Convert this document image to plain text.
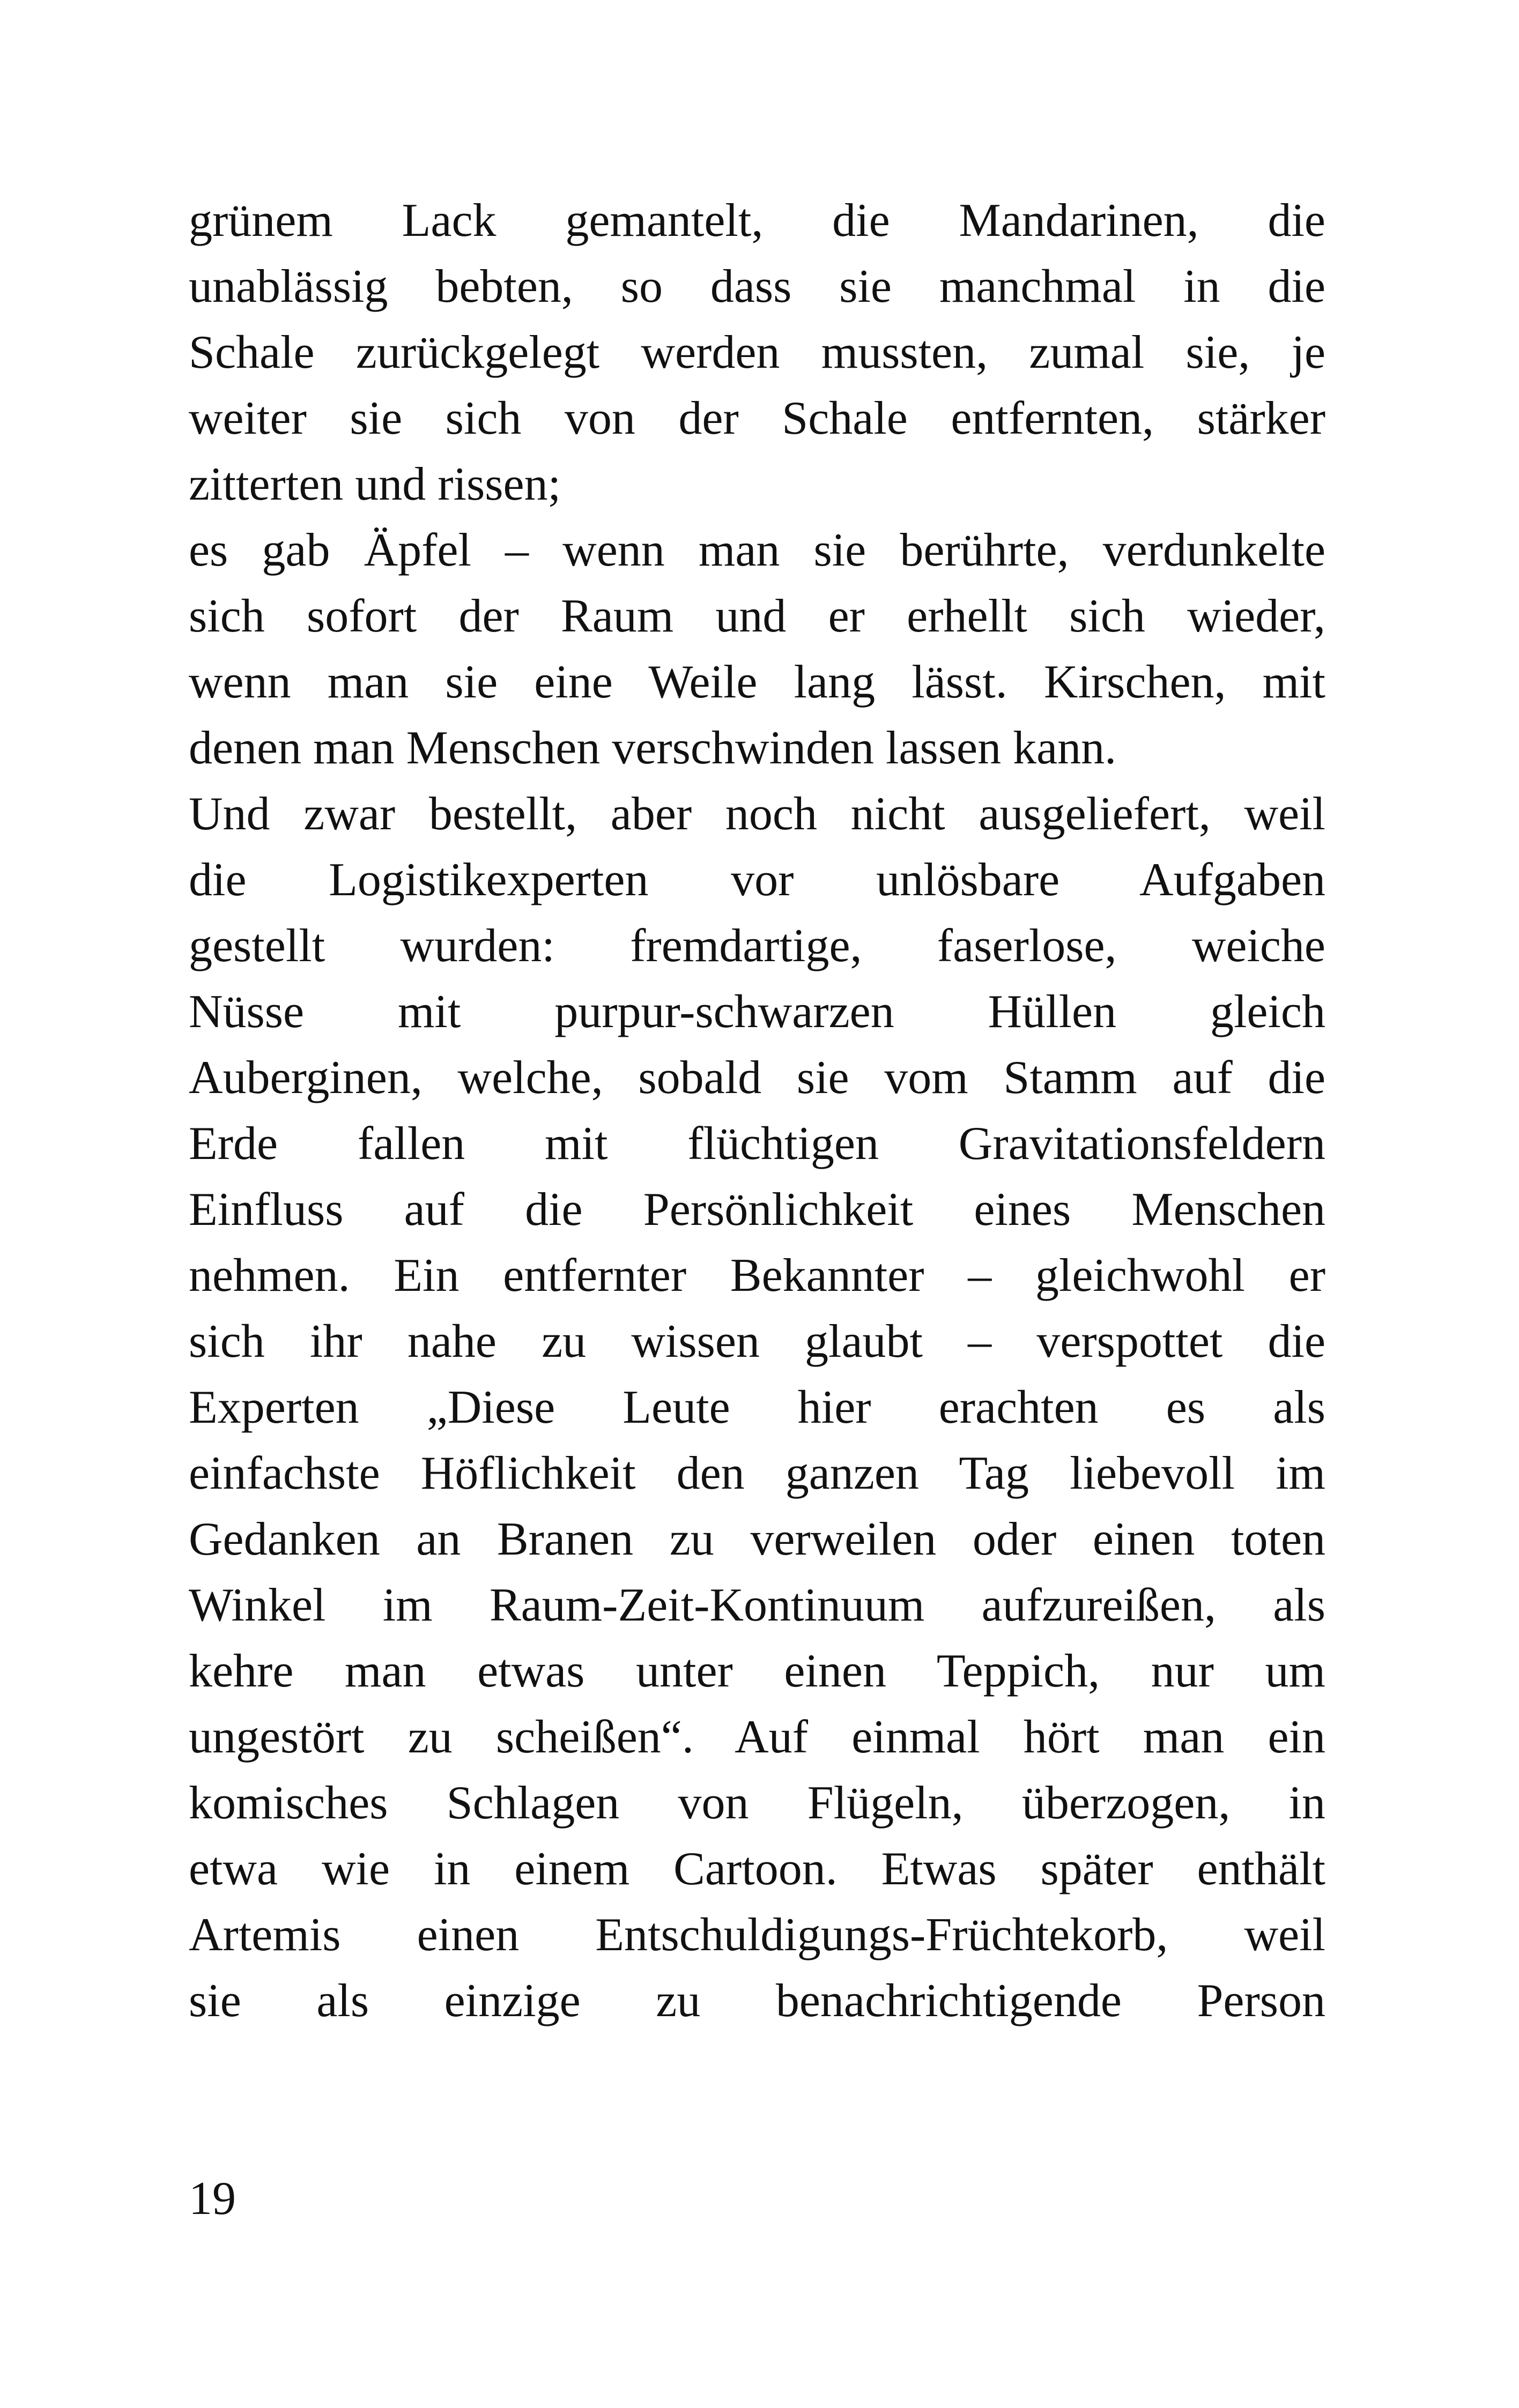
grünem Lack gemantelt, die Mandarinen, die
unablässig bebten, so dass sie manchmal in die
Schale zurückgelegt werden mussten, zumal sie, je
weiter sie sich von der Schale entfernten, stärker
zitterten und rissen;
es gab Äpfel – wenn man sie berührte, verdunkelte
sich sofort der Raum und er erhellt sich wieder,
wenn man sie eine Weile lang lässt. Kirschen, mit
denen man Menschen verschwinden lassen kann.
Und zwar bestellt, aber noch nicht ausgeliefert, weil
die Logistikexperten vor unlösbare Aufgaben
gestellt wurden: fremdartige, faserlose, weiche
Nüsse mit purpur-schwarzen Hüllen gleich
Auberginen, welche, sobald sie vom Stamm auf die
Erde fallen mit flüchtigen Gravitationsfeldern
Einfluss auf die Persönlichkeit eines Menschen
nehmen. Ein entfernter Bekannter – gleichwohl er
sich ihr nahe zu wissen glaubt – verspottet die
Experten „Diese Leute hier erachten es als
einfachste Höflichkeit den ganzen Tag liebevoll im
Gedanken an Branen zu verweilen oder einen toten
Winkel im Raum-Zeit-Kontinuum aufzureißen, als
kehre man etwas unter einen Teppich, nur um
ungestört zu scheißen“. Auf einmal hört man ein
komisches Schlagen von Flügeln, überzogen, in
etwa wie in einem Cartoon. Etwas später enthält
Artemis einen Entschuldigungs-Früchtekorb, weil
sie als einzige zu benachrichtigende Person
19
